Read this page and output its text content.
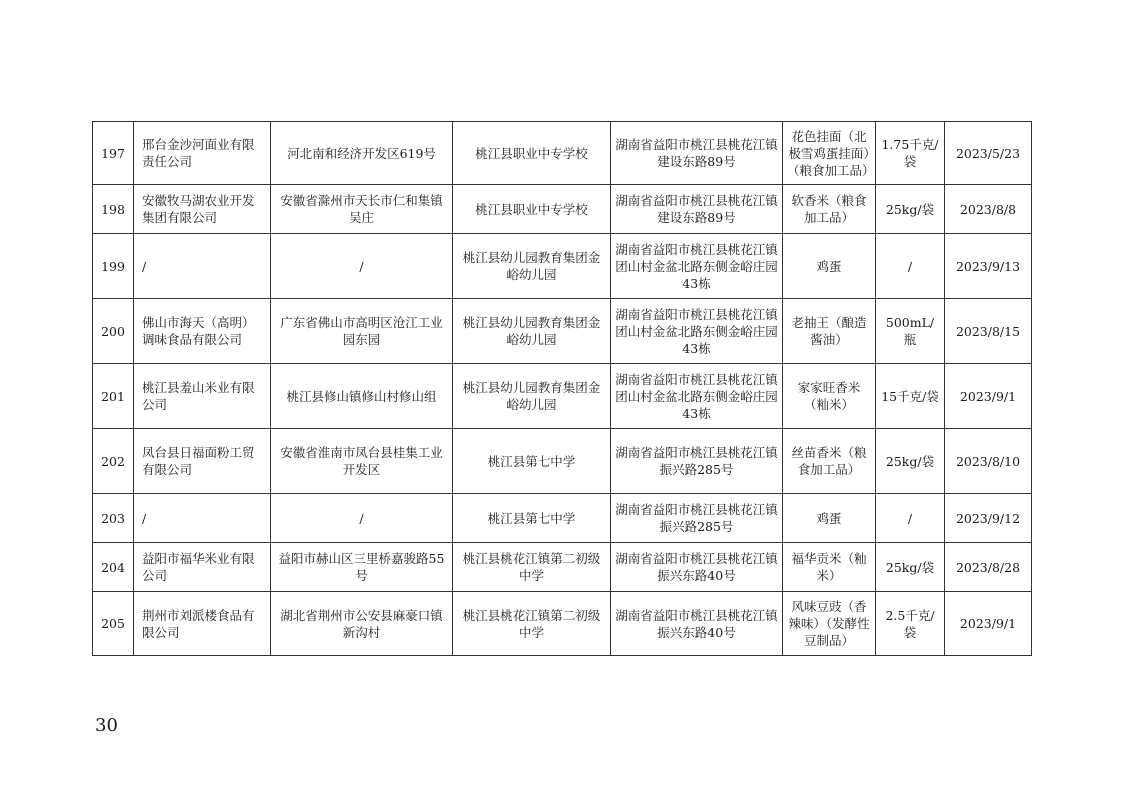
197	邢台金沙河面业有限责任公司	河北南和经济开发区619号	桃江县职业中专学校	湖南省益阳市桃江县桃花江镇建设东路89号	花色挂面（北极雪鸡蛋挂面）（粮食加工品）	1.75千克/袋	2023/5/23
198	安徽牧马湖农业开发集团有限公司	安徽省滁州市天长市仁和集镇吴庄	桃江县职业中专学校	湖南省益阳市桃江县桃花江镇建设东路89号	软香米（粮食加工品）	25kg/袋	2023/8/8
199	/	/	桃江县幼儿园教育集团金峪幼儿园	湖南省益阳市桃江县桃花江镇团山村金盆北路东侧金峪庄园43栋	鸡蛋	/	2023/9/13
200	佛山市海天（高明）调味食品有限公司	广东省佛山市高明区沧江工业园东园	桃江县幼儿园教育集团金峪幼儿园	湖南省益阳市桃江县桃花江镇团山村金盆北路东侧金峪庄园43栋	老抽王（酿造酱油）	500mL/瓶	2023/8/15
201	桃江县羞山米业有限公司	桃江县修山镇修山村修山组	桃江县幼儿园教育集团金峪幼儿园	湖南省益阳市桃江县桃花江镇团山村金盆北路东侧金峪庄园43栋	家家旺香米（籼米）	15千克/袋	2023/9/1
202	凤台县日福面粉工贸有限公司	安徽省淮南市凤台县桂集工业开发区	桃江县第七中学	湖南省益阳市桃江县桃花江镇振兴路285号	丝苗香米（粮食加工品）	25kg/袋	2023/8/10
203	/	/	桃江县第七中学	湖南省益阳市桃江县桃花江镇振兴路285号	鸡蛋	/	2023/9/12
204	益阳市福华米业有限公司	益阳市赫山区三里桥嘉骏路55号	桃江县桃花江镇第二初级中学	湖南省益阳市桃江县桃花江镇振兴东路40号	福华贡米（籼米）	25kg/袋	2023/8/28
205	荆州市刘派楼食品有限公司	湖北省荆州市公安县麻豪口镇新沟村	桃江县桃花江镇第二初级中学	湖南省益阳市桃江县桃花江镇振兴东路40号	风味豆豉（香辣味）（发酵性豆制品）	2.5千克/袋	2023/9/1
30
